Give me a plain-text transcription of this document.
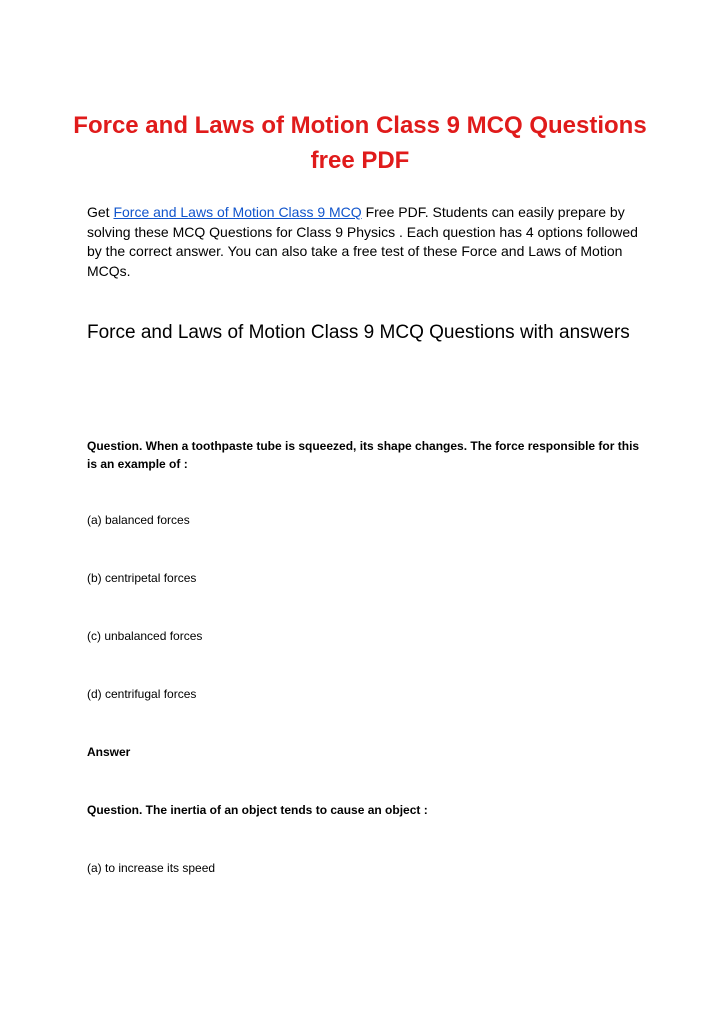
Force and Laws of Motion Class 9 MCQ Questions free PDF

Get Force and Laws of Motion Class 9 MCQ Free PDF. Students can easily prepare by solving these MCQ Questions for Class 9 Physics . Each question has 4 options followed by the correct answer. You can also take a free test of these Force and Laws of Motion MCQs.

Force and Laws of Motion Class 9 MCQ Questions with answers

Question. When a toothpaste tube is squeezed, its shape changes. The force responsible for this is an example of :

(a) balanced forces

(b) centripetal forces

(c) unbalanced forces

(d) centrifugal forces

Answer

Question. The inertia of an object tends to cause an object :

(a) to increase its speed
